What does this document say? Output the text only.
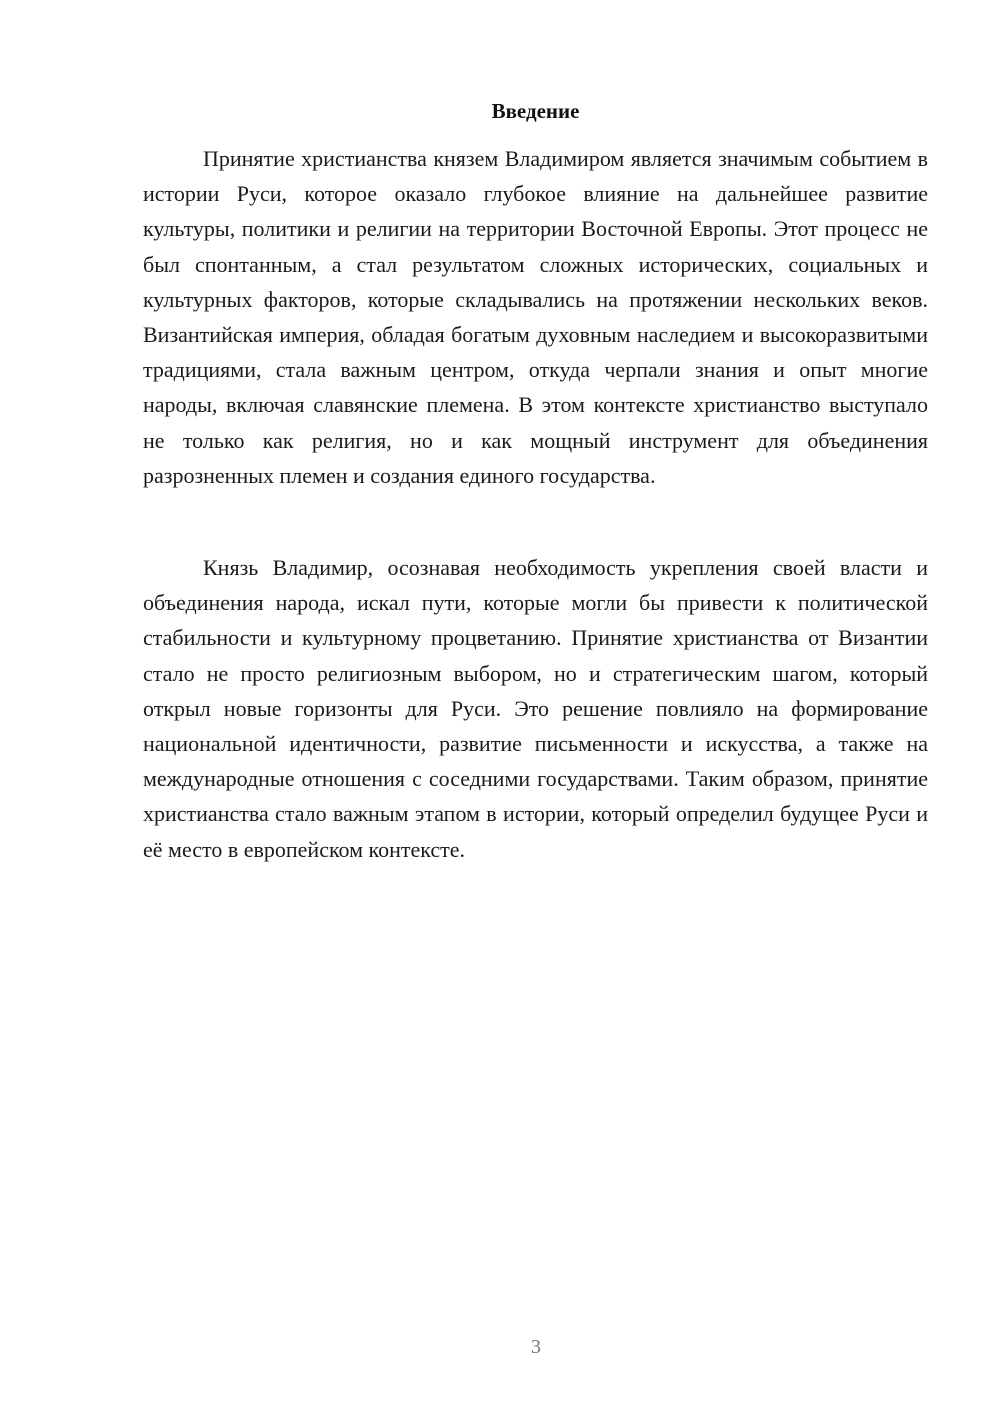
Введение

Принятие христианства князем Владимиром является значимым событием в истории Руси, которое оказало глубокое влияние на дальнейшее развитие культуры, политики и религии на территории Восточной Европы. Этот процесс не был спонтанным, а стал результатом сложных исторических, социальных и культурных факторов, которые складывались на протяжении нескольких веков. Византийская империя, обладая богатым духовным наследием и высокоразвитыми традициями, стала важным центром, откуда черпали знания и опыт многие народы, включая славянские племена. В этом контексте христианство выступало не только как религия, но и как мощный инструмент для объединения разрозненных племен и создания единого государства.

Князь Владимир, осознавая необходимость укрепления своей власти и объединения народа, искал пути, которые могли бы привести к политической стабильности и культурному процветанию. Принятие христианства от Византии стало не просто религиозным выбором, но и стратегическим шагом, который открыл новые горизонты для Руси. Это решение повлияло на формирование национальной идентичности, развитие письменности и искусства, а также на международные отношения с соседними государствами. Таким образом, принятие христианства стало важным этапом в истории, который определил будущее Руси и её место в европейском контексте.

3
